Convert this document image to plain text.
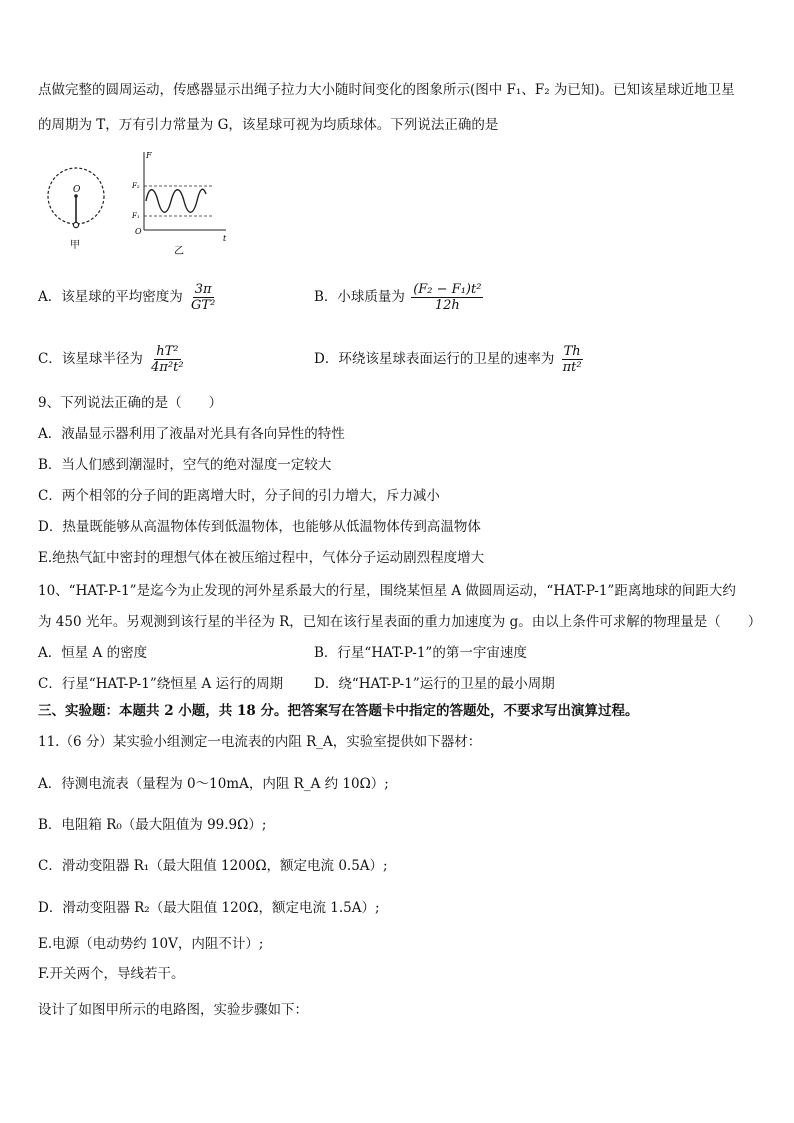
点做完整的圆周运动，传感器显示出绳子拉力大小随时间变化的图象所示(图中 F₁、F₂ 为已知)。已知该星球近地卫星
的周期为 T，万有引力常量为 G，该星球可视为均质球体。下列说法正确的是
O
甲
F
t
O
F₂
F₁
乙
A．该星球的平均密度为 $\frac{3\pi}{\text{GT²}}$	B．小球质量为 $\frac{\text{(F₂ − F₁)t²}}{12h}$
C．该星球半径为 $\frac{\text{hT²}}{\text{4π²t²}}$	D．环绕该星球表面运行的卫星的速率为 $\frac{Th}{\text{πt²}}$
9、下列说法正确的是（　　）
A．液晶显示器利用了液晶对光具有各向异性的特性
B．当人们感到潮湿时，空气的绝对湿度一定较大
C．两个相邻的分子间的距离增大时，分子间的引力增大，斥力减小
D．热量既能够从高温物体传到低温物体，也能够从低温物体传到高温物体
E.绝热气缸中密封的理想气体在被压缩过程中，气体分子运动剧烈程度增大
10、“HAT-P-1”是迄今为止发现的河外星系最大的行星，围绕某恒星 A 做圆周运动，“HAT-P-1”距离地球的间距大约
为 450 光年。另观测到该行星的半径为 R，已知在该行星表面的重力加速度为 g。由以上条件可求解的物理量是（　　）
A．恒星 A 的密度	B．行星“HAT-P-1”的第一宇宙速度
C．行星“HAT-P-1”绕恒星 A 运行的周期 D．绕“HAT-P-1”运行的卫星的最小周期
三、实验题：本题共 2 小题，共 18 分。把答案写在答题卡中指定的答题处，不要求写出演算过程。
11.（6 分）某实验小组测定一电流表的内阻 R_A，实验室提供如下器材：
A．待测电流表（量程为 0～10mA，内阻 R_A 约 10Ω）;
B．电阻箱 R₀（最大阻值为 99.9Ω）;
C．滑动变阻器 R₁（最大阻值 1200Ω，额定电流 0.5A）;
D．滑动变阻器 R₂（最大阻值 120Ω，额定电流 1.5A）;
E.电源（电动势约 10V，内阻不计）;
F.开关两个，导线若干。
设计了如图甲所示的电路图，实验步骤如下：
